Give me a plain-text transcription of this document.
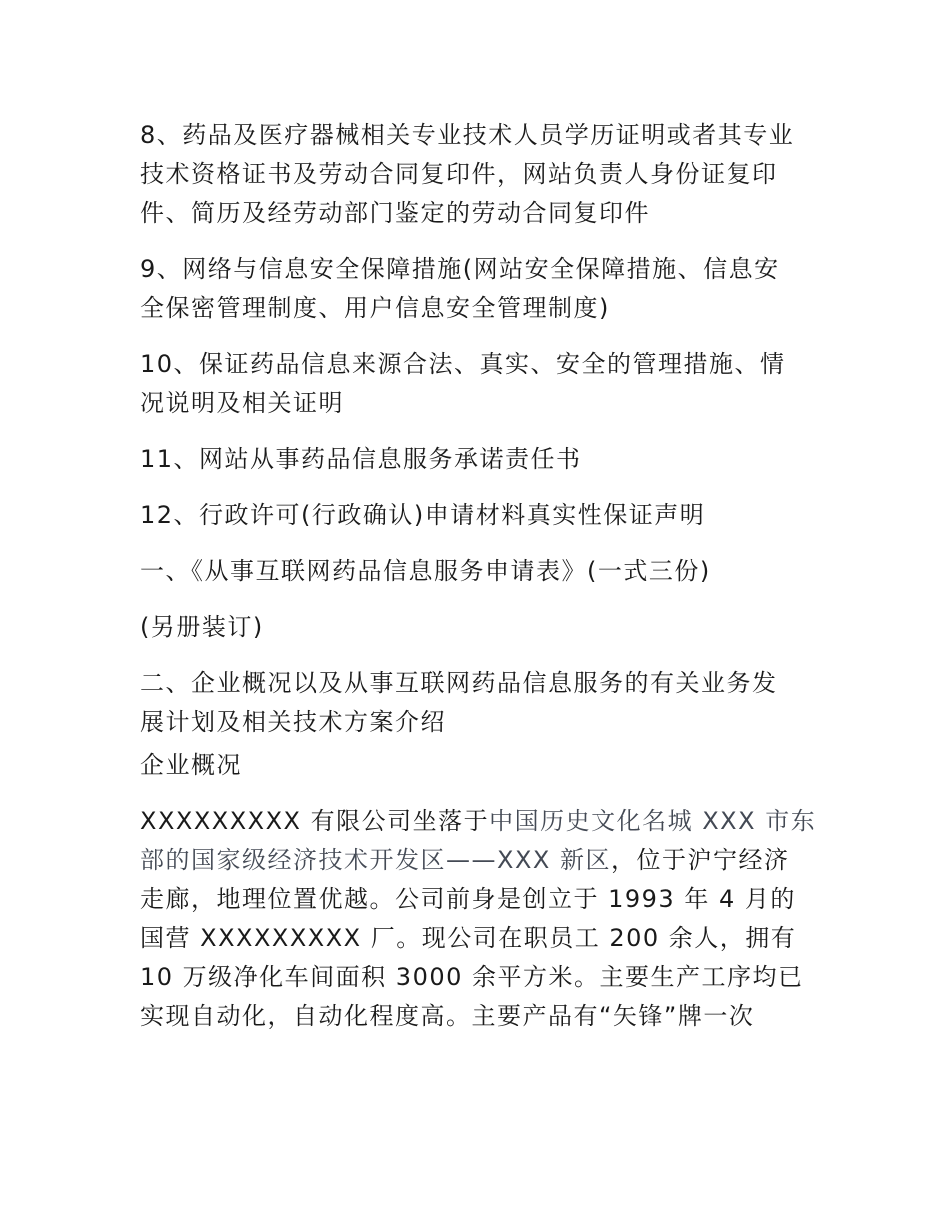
8、药品及医疗器械相关专业技术人员学历证明或者其专业
技术资格证书及劳动合同复印件，网站负责人身份证复印
件、简历及经劳动部门鉴定的劳动合同复印件

9、网络与信息安全保障措施(网站安全保障措施、信息安
全保密管理制度、用户信息安全管理制度)

10、保证药品信息来源合法、真实、安全的管理措施、情
况说明及相关证明

11、网站从事药品信息服务承诺责任书

12、行政许可(行政确认)申请材料真实性保证声明

一、《从事互联网药品信息服务申请表》(一式三份)

(另册装订)

二、企业概况以及从事互联网药品信息服务的有关业务发
展计划及相关技术方案介绍

企业概况

XXXXXXXXX 有限公司坐落于中国历史文化名城 XXX 市东
部的国家级经济技术开发区——XXX 新区，位于沪宁经济
走廊，地理位置优越。公司前身是创立于 1993 年 4 月的
国营 XXXXXXXXX 厂。现公司在职员工 200 余人，拥有
10 万级净化车间面积 3000 余平方米。主要生产工序均已
实现自动化，自动化程度高。主要产品有“矢锋”牌一次
